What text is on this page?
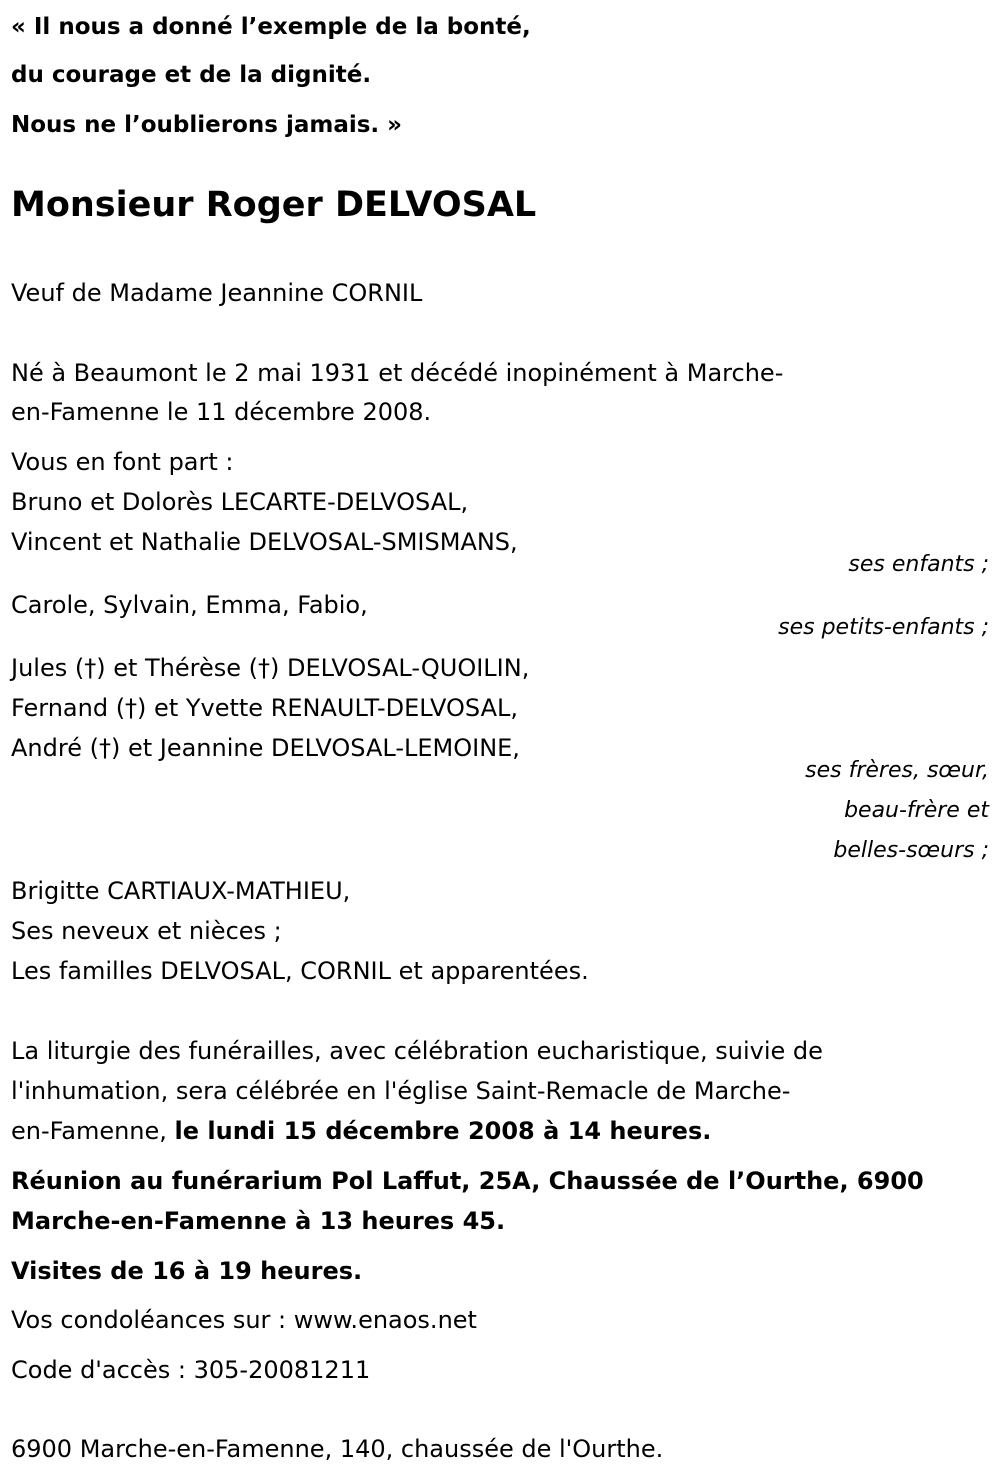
« Il nous a donné l’exemple de la bonté,
du courage et de la dignité.
Nous ne l’oublierons jamais. »
Monsieur Roger DELVOSAL
Veuf de Madame Jeannine CORNIL
Né à Beaumont le 2 mai 1931 et décédé inopinément à Marche-
en-Famenne le 11 décembre 2008.
Vous en font part :
Bruno et Dolorès LECARTE-DELVOSAL,
Vincent et Nathalie DELVOSAL-SMISMANS,
ses enfants ;
Carole, Sylvain, Emma, Fabio,
ses petits-enfants ;
Jules (†) et Thérèse (†) DELVOSAL-QUOILIN,
Fernand (†) et Yvette RENAULT-DELVOSAL,
André (†) et Jeannine DELVOSAL-LEMOINE,
ses frères, sœur,
beau-frère et
belles-sœurs ;
Brigitte CARTIAUX-MATHIEU,
Ses neveux et nièces ;
Les familles DELVOSAL, CORNIL et apparentées.
La liturgie des funérailles, avec célébration eucharistique, suivie de
l'inhumation, sera célébrée en l'église Saint-Remacle de Marche-
en-Famenne, le lundi 15 décembre 2008 à 14 heures.
Réunion au funérarium Pol Laffut, 25A, Chaussée de l’Ourthe, 6900
Marche-en-Famenne à 13 heures 45.
Visites de 16 à 19 heures.
Vos condoléances sur : www.enaos.net
Code d'accès : 305-20081211
6900 Marche-en-Famenne, 140, chaussée de l'Ourthe.
